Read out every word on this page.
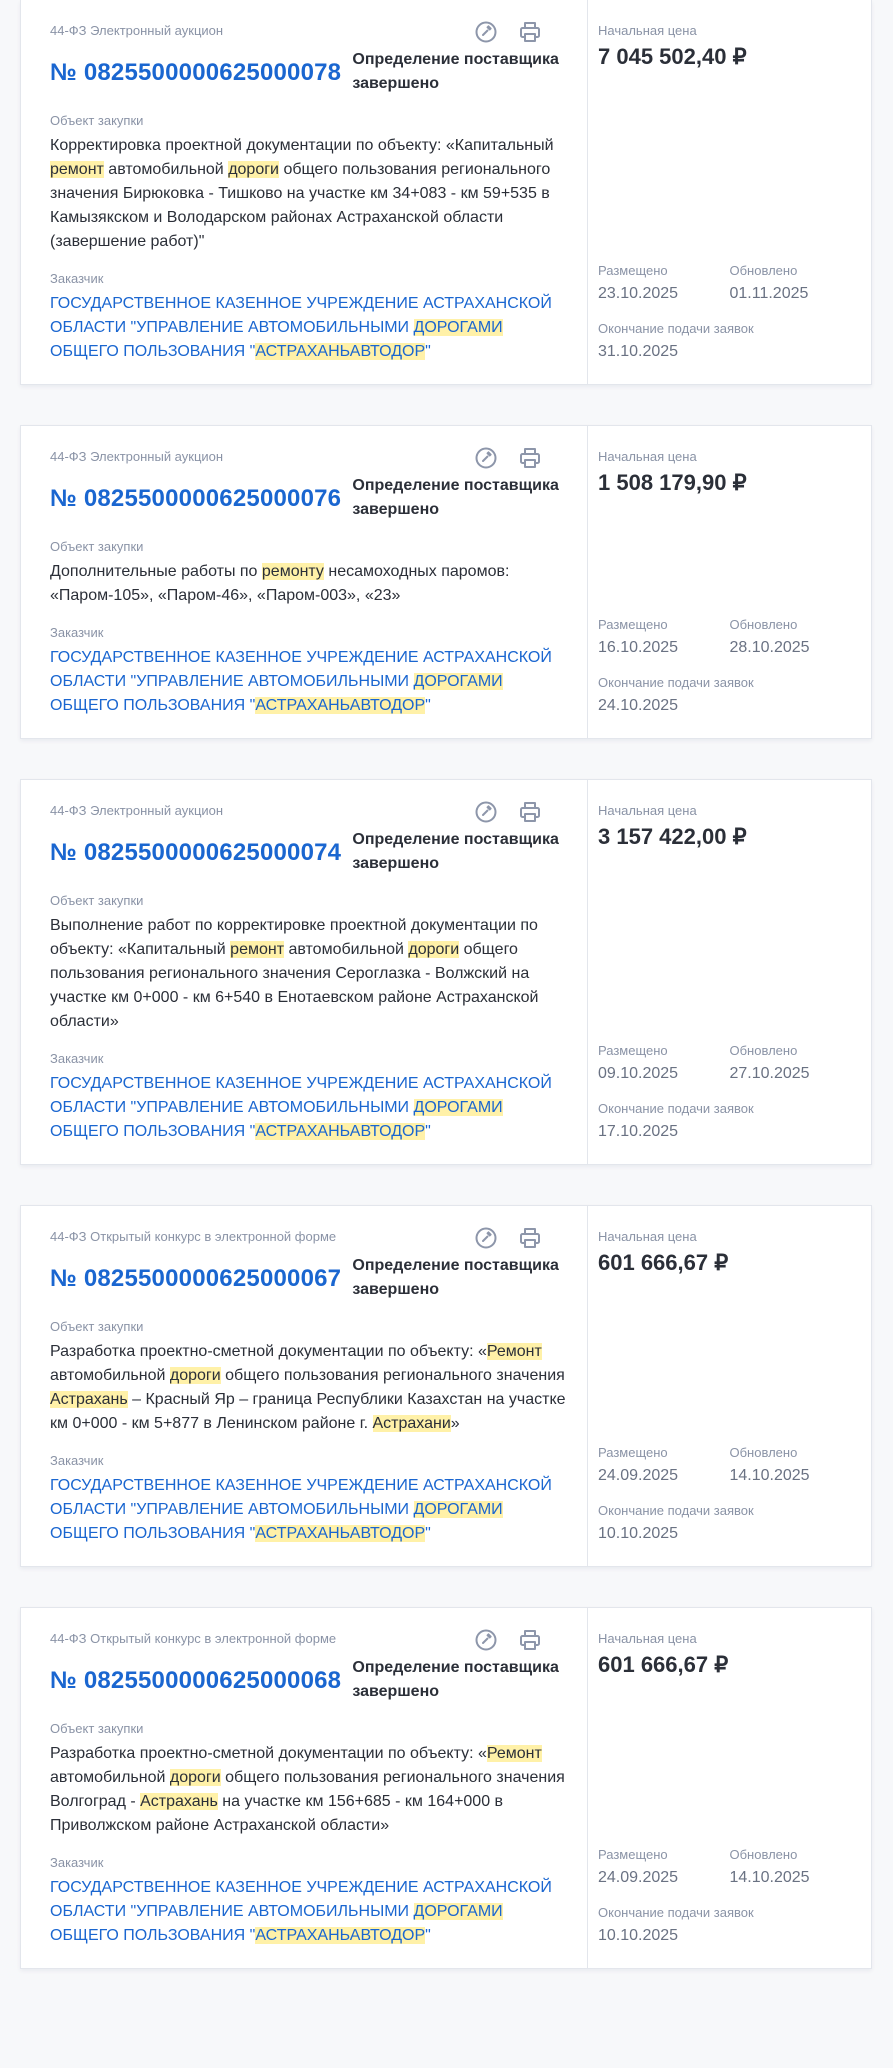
44-ФЗ Электронный аукцион
№ 0825500000625000078 Определение поставщика завершено
Объект закупки
Корректировка проектной документации по объекту: «Капитальный ремонт автомобильной дороги общего пользования регионального значения Бирюковка - Тишково на участке км 34+083 - км 59+535 в Камызякском и Володарском районах Астраханской области (завершение работ)"
Заказчик
ГОСУДАРСТВЕННОЕ КАЗЕННОЕ УЧРЕЖДЕНИЕ АСТРАХАНСКОЙ ОБЛАСТИ "УПРАВЛЕНИЕ АВТОМОБИЛЬНЫМИ ДОРОГАМИ ОБЩЕГО ПОЛЬЗОВАНИЯ "АСТРАХАНЬАВТОДОР"
Начальная цена
7 045 502,40 ₽
Размещено
23.10.2025
Обновлено
01.11.2025
Окончание подачи заявок
31.10.2025
44-ФЗ Электронный аукцион
№ 0825500000625000076 Определение поставщика завершено
Объект закупки
Дополнительные работы по ремонту несамоходных паромов: «Паром-105», «Паром-46», «Паром-003», «23»
Заказчик
ГОСУДАРСТВЕННОЕ КАЗЕННОЕ УЧРЕЖДЕНИЕ АСТРАХАНСКОЙ ОБЛАСТИ "УПРАВЛЕНИЕ АВТОМОБИЛЬНЫМИ ДОРОГАМИ ОБЩЕГО ПОЛЬЗОВАНИЯ "АСТРАХАНЬАВТОДОР"
Начальная цена
1 508 179,90 ₽
Размещено
16.10.2025
Обновлено
28.10.2025
Окончание подачи заявок
24.10.2025
44-ФЗ Электронный аукцион
№ 0825500000625000074 Определение поставщика завершено
Объект закупки
Выполнение работ по корректировке проектной документации по объекту: «Капитальный ремонт автомобильной дороги общего пользования регионального значения Сероглазка - Волжский на участке км 0+000 - км 6+540 в Енотаевском районе Астраханской области»
Заказчик
ГОСУДАРСТВЕННОЕ КАЗЕННОЕ УЧРЕЖДЕНИЕ АСТРАХАНСКОЙ ОБЛАСТИ "УПРАВЛЕНИЕ АВТОМОБИЛЬНЫМИ ДОРОГАМИ ОБЩЕГО ПОЛЬЗОВАНИЯ "АСТРАХАНЬАВТОДОР"
Начальная цена
3 157 422,00 ₽
Размещено
09.10.2025
Обновлено
27.10.2025
Окончание подачи заявок
17.10.2025
44-ФЗ Открытый конкурс в электронной форме
№ 0825500000625000067 Определение поставщика завершено
Объект закупки
Разработка проектно-сметной документации по объекту: «Ремонт автомобильной дороги общего пользования регионального значения Астрахань – Красный Яр – граница Республики Казахстан на участке км 0+000 - км 5+877 в Ленинском районе г. Астрахани»
Заказчик
ГОСУДАРСТВЕННОЕ КАЗЕННОЕ УЧРЕЖДЕНИЕ АСТРАХАНСКОЙ ОБЛАСТИ "УПРАВЛЕНИЕ АВТОМОБИЛЬНЫМИ ДОРОГАМИ ОБЩЕГО ПОЛЬЗОВАНИЯ "АСТРАХАНЬАВТОДОР"
Начальная цена
601 666,67 ₽
Размещено
24.09.2025
Обновлено
14.10.2025
Окончание подачи заявок
10.10.2025
44-ФЗ Открытый конкурс в электронной форме
№ 0825500000625000068 Определение поставщика завершено
Объект закупки
Разработка проектно-сметной документации по объекту: «Ремонт автомобильной дороги общего пользования регионального значения Волгоград - Астрахань на участке км 156+685 - км 164+000 в Приволжском районе Астраханской области»
Заказчик
ГОСУДАРСТВЕННОЕ КАЗЕННОЕ УЧРЕЖДЕНИЕ АСТРАХАНСКОЙ ОБЛАСТИ "УПРАВЛЕНИЕ АВТОМОБИЛЬНЫМИ ДОРОГАМИ ОБЩЕГО ПОЛЬЗОВАНИЯ "АСТРАХАНЬАВТОДОР"
Начальная цена
601 666,67 ₽
Размещено
24.09.2025
Обновлено
14.10.2025
Окончание подачи заявок
10.10.2025
